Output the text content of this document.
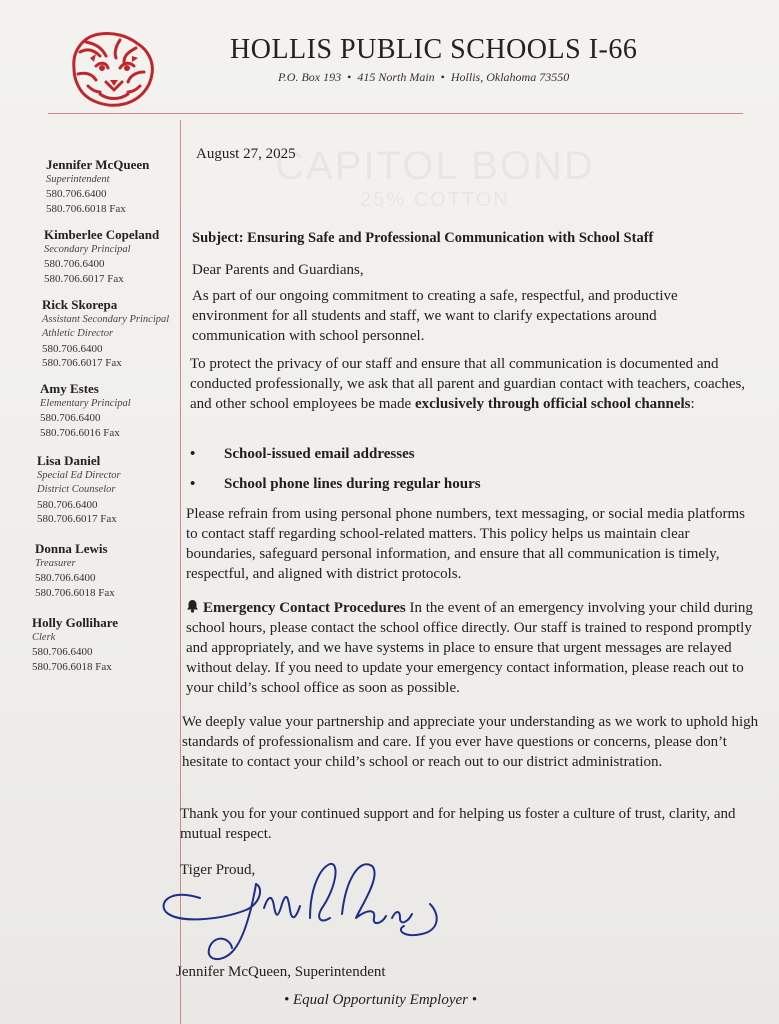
HOLLIS PUBLIC SCHOOLS I-66
P.O. Box 193 • 415 North Main • Hollis, Oklahoma 73550
Jennifer McQueen
Superintendent
580.706.6400
580.706.6018 Fax
Kimberlee Copeland
Secondary Principal
580.706.6400
580.706.6017 Fax
Rick Skorepa
Assistant Secondary Principal
Athletic Director
580.706.6400
580.706.6017 Fax
Amy Estes
Elementary Principal
580.706.6400
580.706.6016 Fax
Lisa Daniel
Special Ed Director
District Counselor
580.706.6400
580.706.6017 Fax
Donna Lewis
Treasurer
580.706.6400
580.706.6018 Fax
Holly Gollihare
Clerk
580.706.6400
580.706.6018 Fax
August 27, 2025
Subject: Ensuring Safe and Professional Communication with School Staff
Dear Parents and Guardians,
As part of our ongoing commitment to creating a safe, respectful, and productive environment for all students and staff, we want to clarify expectations around communication with school personnel.
To protect the privacy of our staff and ensure that all communication is documented and conducted professionally, we ask that all parent and guardian contact with teachers, coaches, and other school employees be made exclusively through official school channels:
• School-issued email addresses
• School phone lines during regular hours
Please refrain from using personal phone numbers, text messaging, or social media platforms to contact staff regarding school-related matters. This policy helps us maintain clear boundaries, safeguard personal information, and ensure that all communication is timely, respectful, and aligned with district protocols.
Emergency Contact Procedures In the event of an emergency involving your child during school hours, please contact the school office directly. Our staff is trained to respond promptly and appropriately, and we have systems in place to ensure that urgent messages are relayed without delay. If you need to update your emergency contact information, please reach out to your child’s school office as soon as possible.
We deeply value your partnership and appreciate your understanding as we work to uphold high standards of professionalism and care. If you ever have questions or concerns, please don’t hesitate to contact your child’s school or reach out to our district administration.
Thank you for your continued support and for helping us foster a culture of trust, clarity, and mutual respect.
Tiger Proud,
Jennifer McQueen, Superintendent
• Equal Opportunity Employer •
